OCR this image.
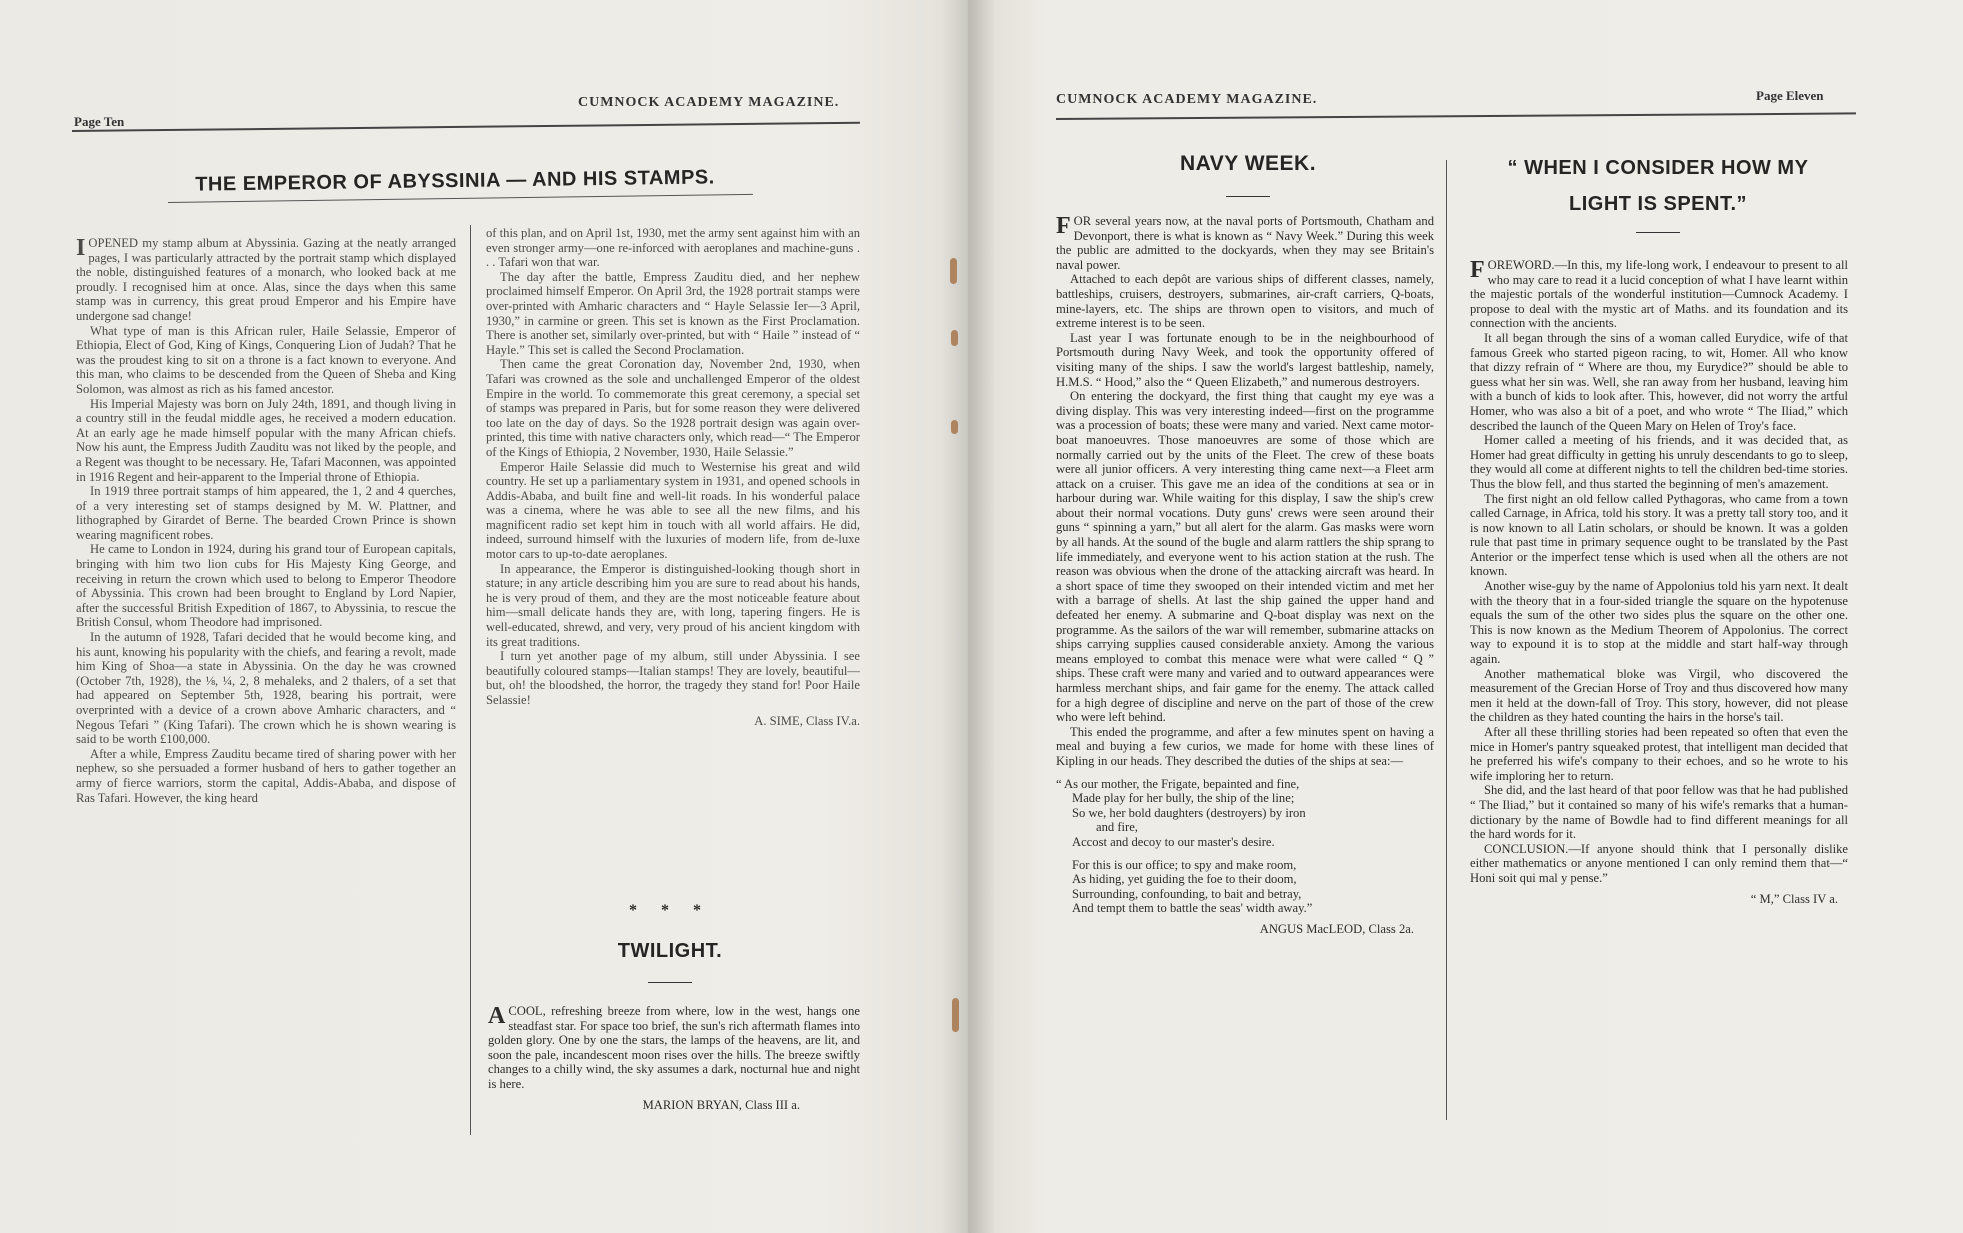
Page Ten
CUMNOCK ACADEMY MAGAZINE.
THE EMPEROR OF ABYSSINIA — AND HIS STAMPS.

IOPENED my stamp album at Abyssinia. Gazing at the neatly arranged pages, I was particularly attracted by the portrait stamp which displayed the noble, distinguished features of a monarch, who looked back at me proudly. I recognised him at once. Alas, since the days when this same stamp was in currency, this great proud Emperor and his Empire have undergone sad change!

What type of man is this African ruler, Haile Selassie, Emperor of Ethiopia, Elect of God, King of Kings, Conquering Lion of Judah? That he was the proudest king to sit on a throne is a fact known to everyone. And this man, who claims to be descended from the Queen of Sheba and King Solomon, was almost as rich as his famed ancestor.

His Imperial Majesty was born on July 24th, 1891, and though living in a country still in the feudal middle ages, he received a modern education. At an early age he made himself popular with the many African chiefs. Now his aunt, the Empress Judith Zauditu was not liked by the people, and a Regent was thought to be necessary. He, Tafari Maconnen, was appointed in 1916 Regent and heir-apparent to the Imperial throne of Ethiopia.

In 1919 three portrait stamps of him appeared, the 1, 2 and 4 querches, of a very interesting set of stamps designed by M. W. Plattner, and lithographed by Girardet of Berne. The bearded Crown Prince is shown wearing magnificent robes.

He came to London in 1924, during his grand tour of European capitals, bringing with him two lion cubs for His Majesty King George, and receiving in return the crown which used to belong to Emperor Theodore of Abyssinia. This crown had been brought to England by Lord Napier, after the successful British Expedition of 1867, to Abyssinia, to rescue the British Consul, whom Theodore had imprisoned.

In the autumn of 1928, Tafari decided that he would become king, and his aunt, knowing his popularity with the chiefs, and fearing a revolt, made him King of Shoa—a state in Abyssinia. On the day he was crowned (October 7th, 1928), the ⅛, ¼, 2, 8 mehaleks, and 2 thalers, of a set that had appeared on September 5th, 1928, bearing his portrait, were overprinted with a device of a crown above Amharic characters, and “ Negous Tefari ” (King Tafari). The crown which he is shown wearing is said to be worth £100,000.

After a while, Empress Zauditu became tired of sharing power with her nephew, so she persuaded a former husband of hers to gather together an army of fierce warriors, storm the capital, Addis-Ababa, and dispose of Ras Tafari. However, the king heard

of this plan, and on April 1st, 1930, met the army sent against him with an even stronger army—one re-inforced with aeroplanes and machine-guns . . . Tafari won that war.

The day after the battle, Empress Zauditu died, and her nephew proclaimed himself Emperor. On April 3rd, the 1928 portrait stamps were over-printed with Amharic characters and “ Hayle Selassie Ier—3 April, 1930,” in carmine or green. This set is known as the First Proclamation. There is another set, similarly over-printed, but with “ Haile ” instead of “ Hayle.” This set is called the Second Proclamation.

Then came the great Coronation day, November 2nd, 1930, when Tafari was crowned as the sole and unchallenged Emperor of the oldest Empire in the world. To commemorate this great ceremony, a special set of stamps was prepared in Paris, but for some reason they were delivered too late on the day of days. So the 1928 portrait design was again over-printed, this time with native characters only, which read—“ The Emperor of the Kings of Ethiopia, 2 November, 1930, Haile Selassie.”

Emperor Haile Selassie did much to Westernise his great and wild country. He set up a parliamentary system in 1931, and opened schools in Addis-Ababa, and built fine and well-lit roads. In his wonderful palace was a cinema, where he was able to see all the new films, and his magnificent radio set kept him in touch with all world affairs. He did, indeed, surround himself with the luxuries of modern life, from de-luxe motor cars to up-to-date aeroplanes.

In appearance, the Emperor is distinguished-looking though short in stature; in any article describing him you are sure to read about his hands, he is very proud of them, and they are the most noticeable feature about him—small delicate hands they are, with long, tapering fingers. He is well-educated, shrewd, and very, very proud of his ancient kingdom with its great traditions.

I turn yet another page of my album, still under Abyssinia. I see beautifully coloured stamps—Italian stamps! They are lovely, beautiful—but, oh! the bloodshed, the horror, the tragedy they stand for! Poor Haile Selassie!

A. SIME, Class IV.a.
* * *
TWILIGHT.

ACOOL, refreshing breeze from where, low in the west, hangs one steadfast star. For space too brief, the sun's rich aftermath flames into golden glory. One by one the stars, the lamps of the heavens, are lit, and soon the pale, incandescent moon rises over the hills. The breeze swiftly changes to a chilly wind, the sky assumes a dark, nocturnal hue and night is here.

MARION BRYAN, Class III a.
CUMNOCK ACADEMY MAGAZINE.	Page Eleven
NAVY WEEK.

FOR several years now, at the naval ports of Portsmouth, Chatham and Devonport, there is what is known as “ Navy Week.” During this week the public are admitted to the dockyards, when they may see Britain's naval power.

Attached to each depôt are various ships of different classes, namely, battleships, cruisers, destroyers, submarines, air-craft carriers, Q-boats, mine-layers, etc. The ships are thrown open to visitors, and much of extreme interest is to be seen.

Last year I was fortunate enough to be in the neighbourhood of Portsmouth during Navy Week, and took the opportunity offered of visiting many of the ships. I saw the world's largest battleship, namely, H.M.S. “ Hood,” also the “ Queen Elizabeth,” and numerous destroyers.

On entering the dockyard, the first thing that caught my eye was a diving display. This was very interesting indeed—first on the programme was a procession of boats; these were many and varied. Next came motor-boat manoeuvres. Those manoeuvres are some of those which are normally carried out by the units of the Fleet. The crew of these boats were all junior officers. A very interesting thing came next—a Fleet arm attack on a cruiser. This gave me an idea of the conditions at sea or in harbour during war. While waiting for this display, I saw the ship's crew about their normal vocations. Duty guns' crews were seen around their guns “ spinning a yarn,” but all alert for the alarm. Gas masks were worn by all hands. At the sound of the bugle and alarm rattlers the ship sprang to life immediately, and everyone went to his action station at the rush. The reason was obvious when the drone of the attacking aircraft was heard. In a short space of time they swooped on their intended victim and met her with a barrage of shells. At last the ship gained the upper hand and defeated her enemy. A submarine and Q-boat display was next on the programme. As the sailors of the war will remember, submarine attacks on ships carrying supplies caused considerable anxiety. Among the various means employed to combat this menace were what were called “ Q ” ships. These craft were many and varied and to outward appearances were harmless merchant ships, and fair game for the enemy. The attack called for a high degree of discipline and nerve on the part of those of the crew who were left behind.

This ended the programme, and after a few minutes spent on having a meal and buying a few curios, we made for home with these lines of Kipling in our heads. They described the duties of the ships at sea:—

“ As our mother, the Frigate, bepainted and fine,
Made play for her bully, the ship of the line;
So we, her bold daughters (destroyers) by iron
and fire,
Accost and decoy to our master's desire.
For this is our office; to spy and make room,
As hiding, yet guiding the foe to their doom,
Surrounding, confounding, to bait and betray,
And tempt them to battle the seas' width away.”
ANGUS MacLEOD, Class 2a.
“ WHEN I CONSIDER HOW MY
LIGHT IS SPENT.”

FOREWORD.—In this, my life-long work, I endeavour to present to all who may care to read it a lucid conception of what I have learnt within the majestic portals of the wonderful institution—Cumnock Academy. I propose to deal with the mystic art of Maths. and its foundation and its connection with the ancients.

It all began through the sins of a woman called Eurydice, wife of that famous Greek who started pigeon racing, to wit, Homer. All who know that dizzy refrain of “ Where are thou, my Eurydice?” should be able to guess what her sin was. Well, she ran away from her husband, leaving him with a bunch of kids to look after. This, however, did not worry the artful Homer, who was also a bit of a poet, and who wrote “ The Iliad,” which described the launch of the Queen Mary on Helen of Troy's face.

Homer called a meeting of his friends, and it was decided that, as Homer had great difficulty in getting his unruly descendants to go to sleep, they would all come at different nights to tell the children bed-time stories. Thus the blow fell, and thus started the beginning of men's amazement.

The first night an old fellow called Pythagoras, who came from a town called Carnage, in Africa, told his story. It was a pretty tall story too, and it is now known to all Latin scholars, or should be known. It was a golden rule that past time in primary sequence ought to be translated by the Past Anterior or the imperfect tense which is used when all the others are not known.

Another wise-guy by the name of Appolonius told his yarn next. It dealt with the theory that in a four-sided triangle the square on the hypotenuse equals the sum of the other two sides plus the square on the other one. This is now known as the Medium Theorem of Appolonius. The correct way to expound it is to stop at the middle and start half-way through again.

Another mathematical bloke was Virgil, who discovered the measurement of the Grecian Horse of Troy and thus discovered how many men it held at the down-fall of Troy. This story, however, did not please the children as they hated counting the hairs in the horse's tail.

After all these thrilling stories had been repeated so often that even the mice in Homer's pantry squeaked protest, that intelligent man decided that he preferred his wife's company to their echoes, and so he wrote to his wife imploring her to return.

She did, and the last heard of that poor fellow was that he had published “ The Iliad,” but it contained so many of his wife's remarks that a human-dictionary by the name of Bowdle had to find different meanings for all the hard words for it.

CONCLUSION.—If anyone should think that I personally dislike either mathematics or anyone mentioned I can only remind them that—“ Honi soit qui mal y pense.”

“ M,” Class IV a.
